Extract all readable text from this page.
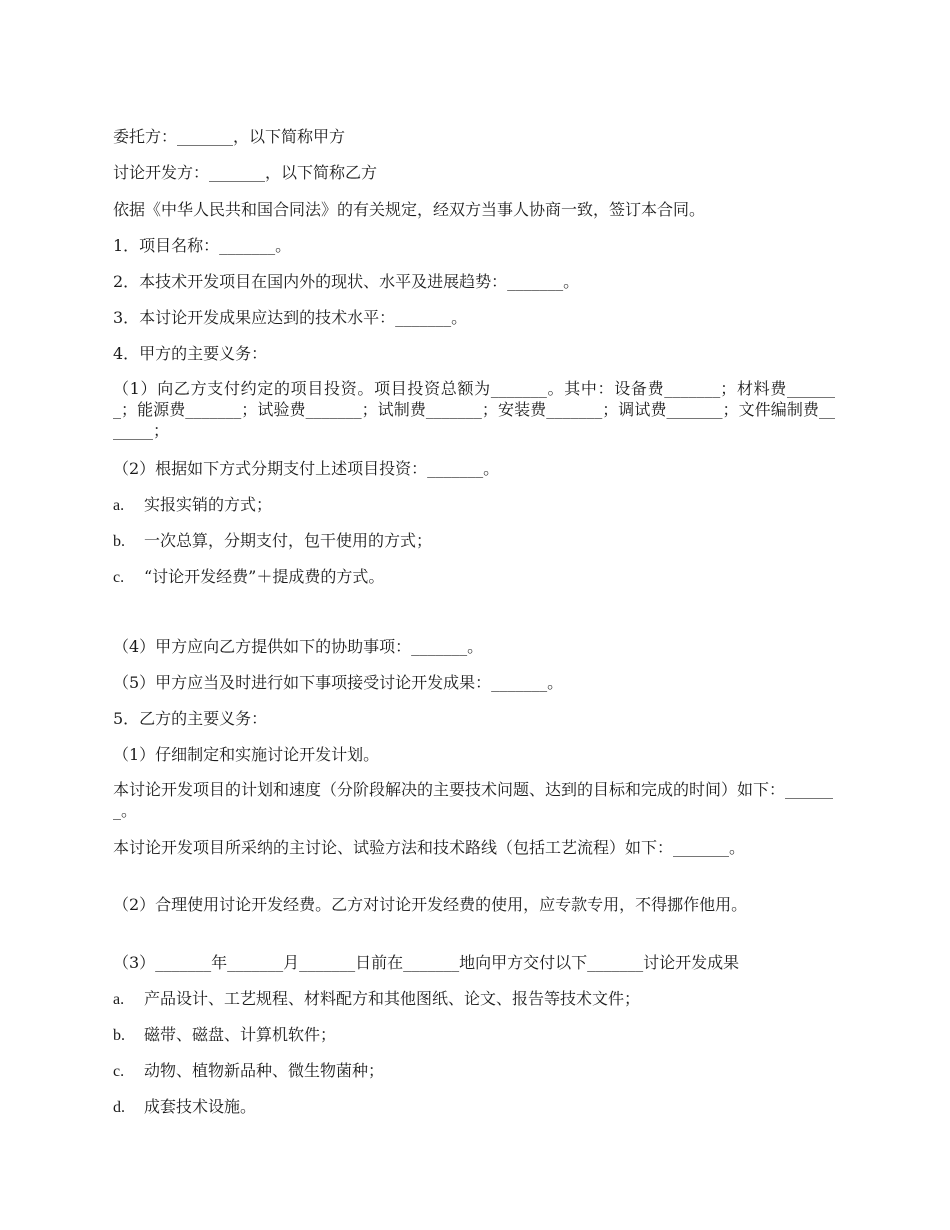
委托方：_______，以下简称甲方

讨论开发方：_______，以下简称乙方

依据《中华人民共和国合同法》的有关规定，经双方当事人协商一致，签订本合同。

1．项目名称：_______。

2．本技术开发项目在国内外的现状、水平及进展趋势：_______。

3．本讨论开发成果应达到的技术水平：_______。

4．甲方的主要义务：

（1）向乙方支付约定的项目投资。项目投资总额为_______。其中：设备费_______；材料费_______；能源费_______；试验费_______；试制费_______；安装费_______；调试费_______；文件编制费_______；

（2）根据如下方式分期支付上述项目投资：_______。

a. 实报实销的方式；

b. 一次总算，分期支付，包干使用的方式；

c. “讨论开发经费”＋提成费的方式。

（4）甲方应向乙方提供如下的协助事项：_______。

（5）甲方应当及时进行如下事项接受讨论开发成果：_______。

5．乙方的主要义务：

（1）仔细制定和实施讨论开发计划。

本讨论开发项目的计划和速度（分阶段解决的主要技术问题、达到的目标和完成的时间）如下：_______。

本讨论开发项目所采纳的主讨论、试验方法和技术路线（包括工艺流程）如下：_______。

（2）合理使用讨论开发经费。乙方对讨论开发经费的使用，应专款专用，不得挪作他用。

（3）_______年_______月_______日前在_______地向甲方交付以下_______讨论开发成果

a. 产品设计、工艺规程、材料配方和其他图纸、论文、报告等技术文件；

b. 磁带、磁盘、计算机软件；

c. 动物、植物新品种、微生物菌种；

d. 成套技术设施。
